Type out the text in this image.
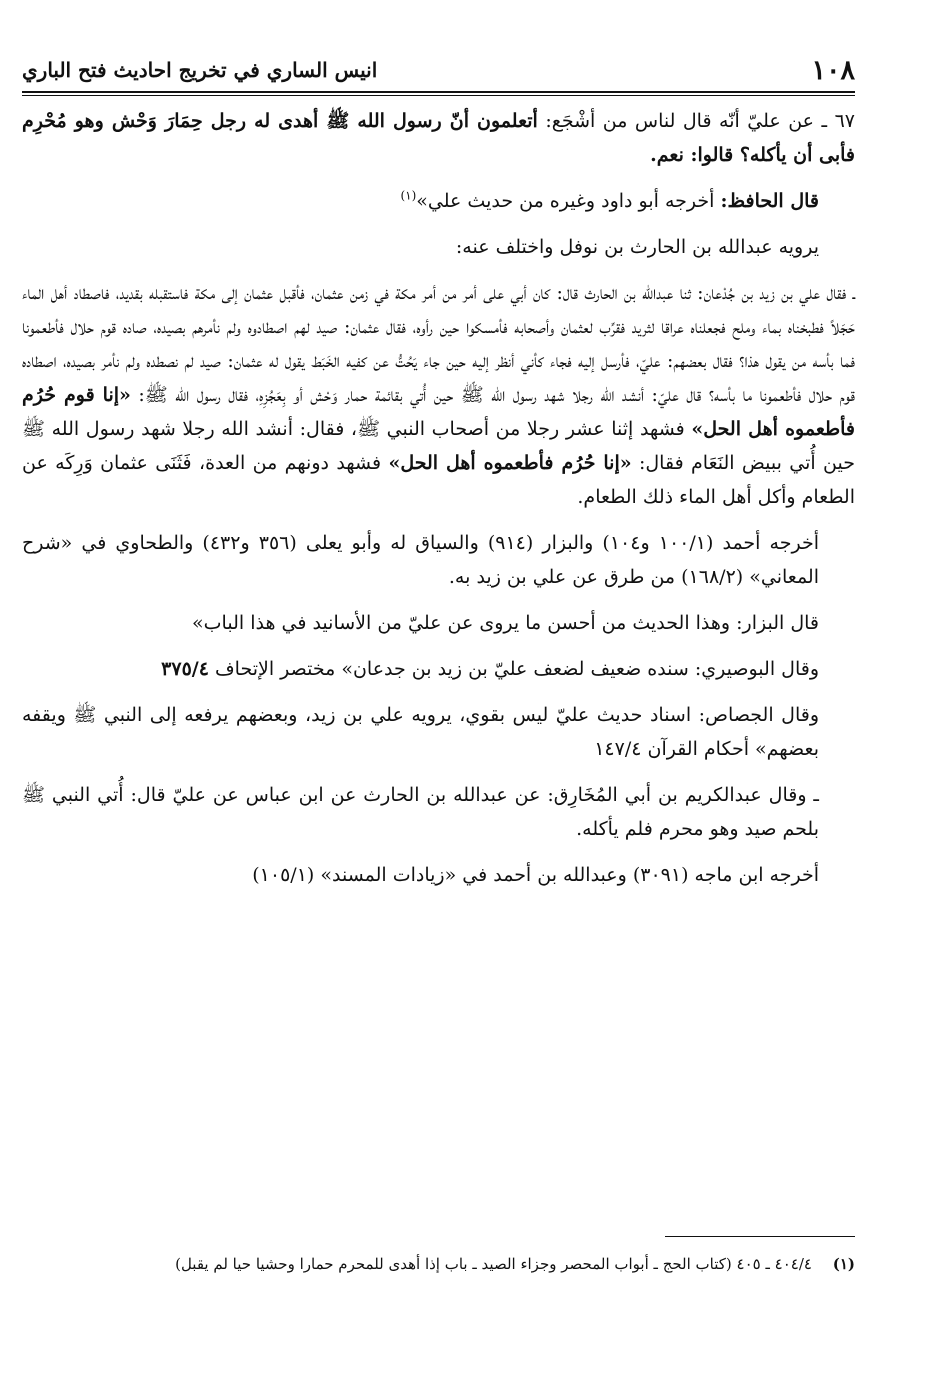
١٠٨
انيس الساري في تخريج احاديث فتح الباري

٦٧ ـ عن عليّ أنّه قال لناس من أشْجَع: أتعلمون أنّ رسول الله ﷺ أهدى له رجل حِمَارَ وَحْش وهو مُحْرِم فأبى أن يأكله؟ قالوا: نعم.

قال الحافظ: أخرجه أبو داود وغيره من حديث علي»$^{(١)}$

يرويه عبدالله بن الحارث بن نوفل واختلف عنه:

ـ فقال علي بن زيد بن جُدْعان: ثنا عبدالله بن الحارث قال: كان أبي على أمر من أمر مكة في زمن عثمان، فأقبل عثمان إلى مكة فاستقبله بقديد، فاصطاد أهل الماء حَجَلاً فطبخناه بماء وملح فجعلناه عراقا لثريد فقرِّب لعثمان وأصحابه فأمسكوا حين رأوه، فقال عثمان: صيد لهم اصطادوه ولم نأمرهم بصيده، صاده قوم حلال فأطعمونا فما بأسه من يقول هذا؟ فقال بعضهم: عليّ، فأرسل إليه فجاء كأني أنظر إليه حين جاء يَحُتُّ عن كفيه الخَبَط يقول له عثمان: صيد لم نصطده ولم نأمر بصيده، اصطاده قوم حلال فأطعمونا ما بأسه؟ قال عليّ: أنشد الله رجلا شهد رسول الله ﷺ حين أُتي بقائمة حمار وَحْش أو بِعَجُزِهِ، فقال رسول الله ﷺ: «إنا قوم حُرُم فأطعموه أهل الحل» فشهد إثنا عشر رجلا من أصحاب النبي ﷺ، فقال: أنشد الله رجلا شهد رسول الله ﷺ حين أُتي ببيض النَعَام فقال: «إنا حُرُم فأطعموه أهل الحل» فشهد دونهم من العدة، فَثَنَى عثمان وَرِكَه عن الطعام وأكل أهل الماء ذلك الطعام.

أخرجه أحمد (١٠٠/١ و١٠٤) والبزار (٩١٤) والسياق له وأبو يعلى (٣٥٦ و٤٣٢) والطحاوي في «شرح المعاني» (١٦٨/٢) من طرق عن علي بن زيد به.

قال البزار: وهذا الحديث من أحسن ما يروى عن عليّ من الأسانيد في هذا الباب»

وقال البوصيري: سنده ضعيف لضعف عليّ بن زيد بن جدعان» مختصر الإتحاف ٣٧٥/٤

وقال الجصاص: اسناد حديث عليّ ليس بقوي، يرويه علي بن زيد، وبعضهم يرفعه إلى النبي ﷺ ويقفه بعضهم» أحكام القرآن ١٤٧/٤

ـ وقال عبدالكريم بن أبي المُخَارِق: عن عبدالله بن الحارث عن ابن عباس عن عليّ قال: أُتي النبي ﷺ بلحم صيد وهو محرم فلم يأكله.

أخرجه ابن ماجه (٣٠٩١) وعبدالله بن أحمد في «زيادات المسند» (١٠٥/١)

(١) ٤٠٤/٤ ـ ٤٠٥ (كتاب الحج ـ أبواب المحصر وجزاء الصيد ـ باب إذا أهدى للمحرم حمارا وحشيا حيا لم يقبل)
